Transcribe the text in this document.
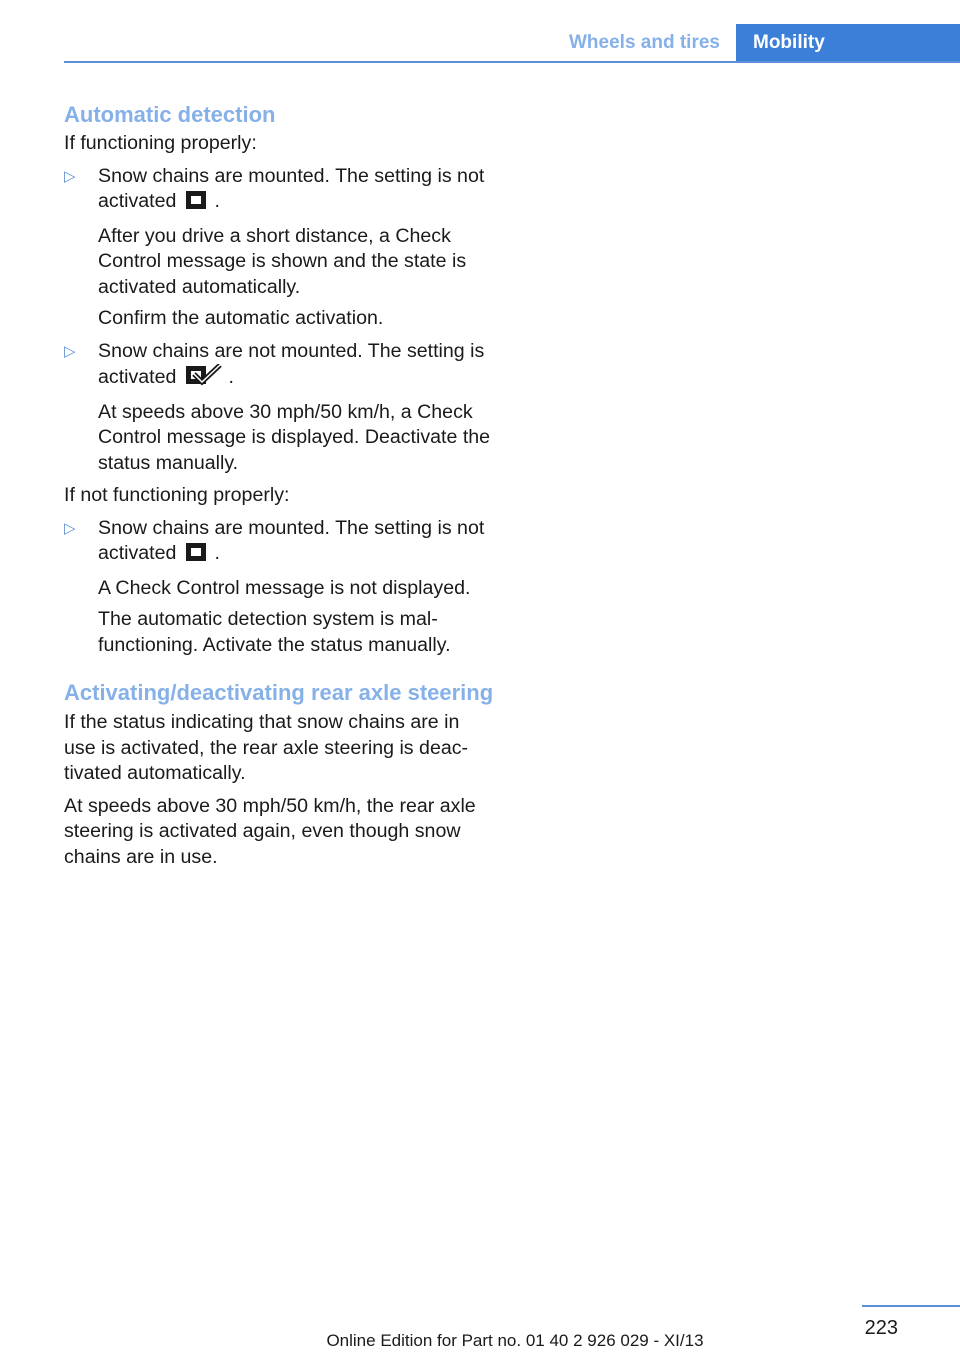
Wheels and tires	Mobility
Automatic detection

If functioning properly:

▷ Snow chains are mounted. The setting is not activated .

After you drive a short distance, a Check Control message is shown and the state is activated automatically.

Confirm the automatic activation.

▷ Snow chains are not mounted. The setting is activated	.

At speeds above 30 mph/50 km/h, a Check Control message is displayed. Deactivate the status manually.

If not functioning properly:

▷ Snow chains are mounted. The setting is not activated .

A Check Control message is not displayed.

The automatic detection system is malfunctioning. Activate the status manually.

Activating/deactivating rear axle steering

If the status indicating that snow chains are in use is activated, the rear axle steering is deactivated automatically.

At speeds above 30 mph/50 km/h, the rear axle steering is activated again, even though snow chains are in use.

223
Online Edition for Part no. 01 40 2 926 029 - XI/13
